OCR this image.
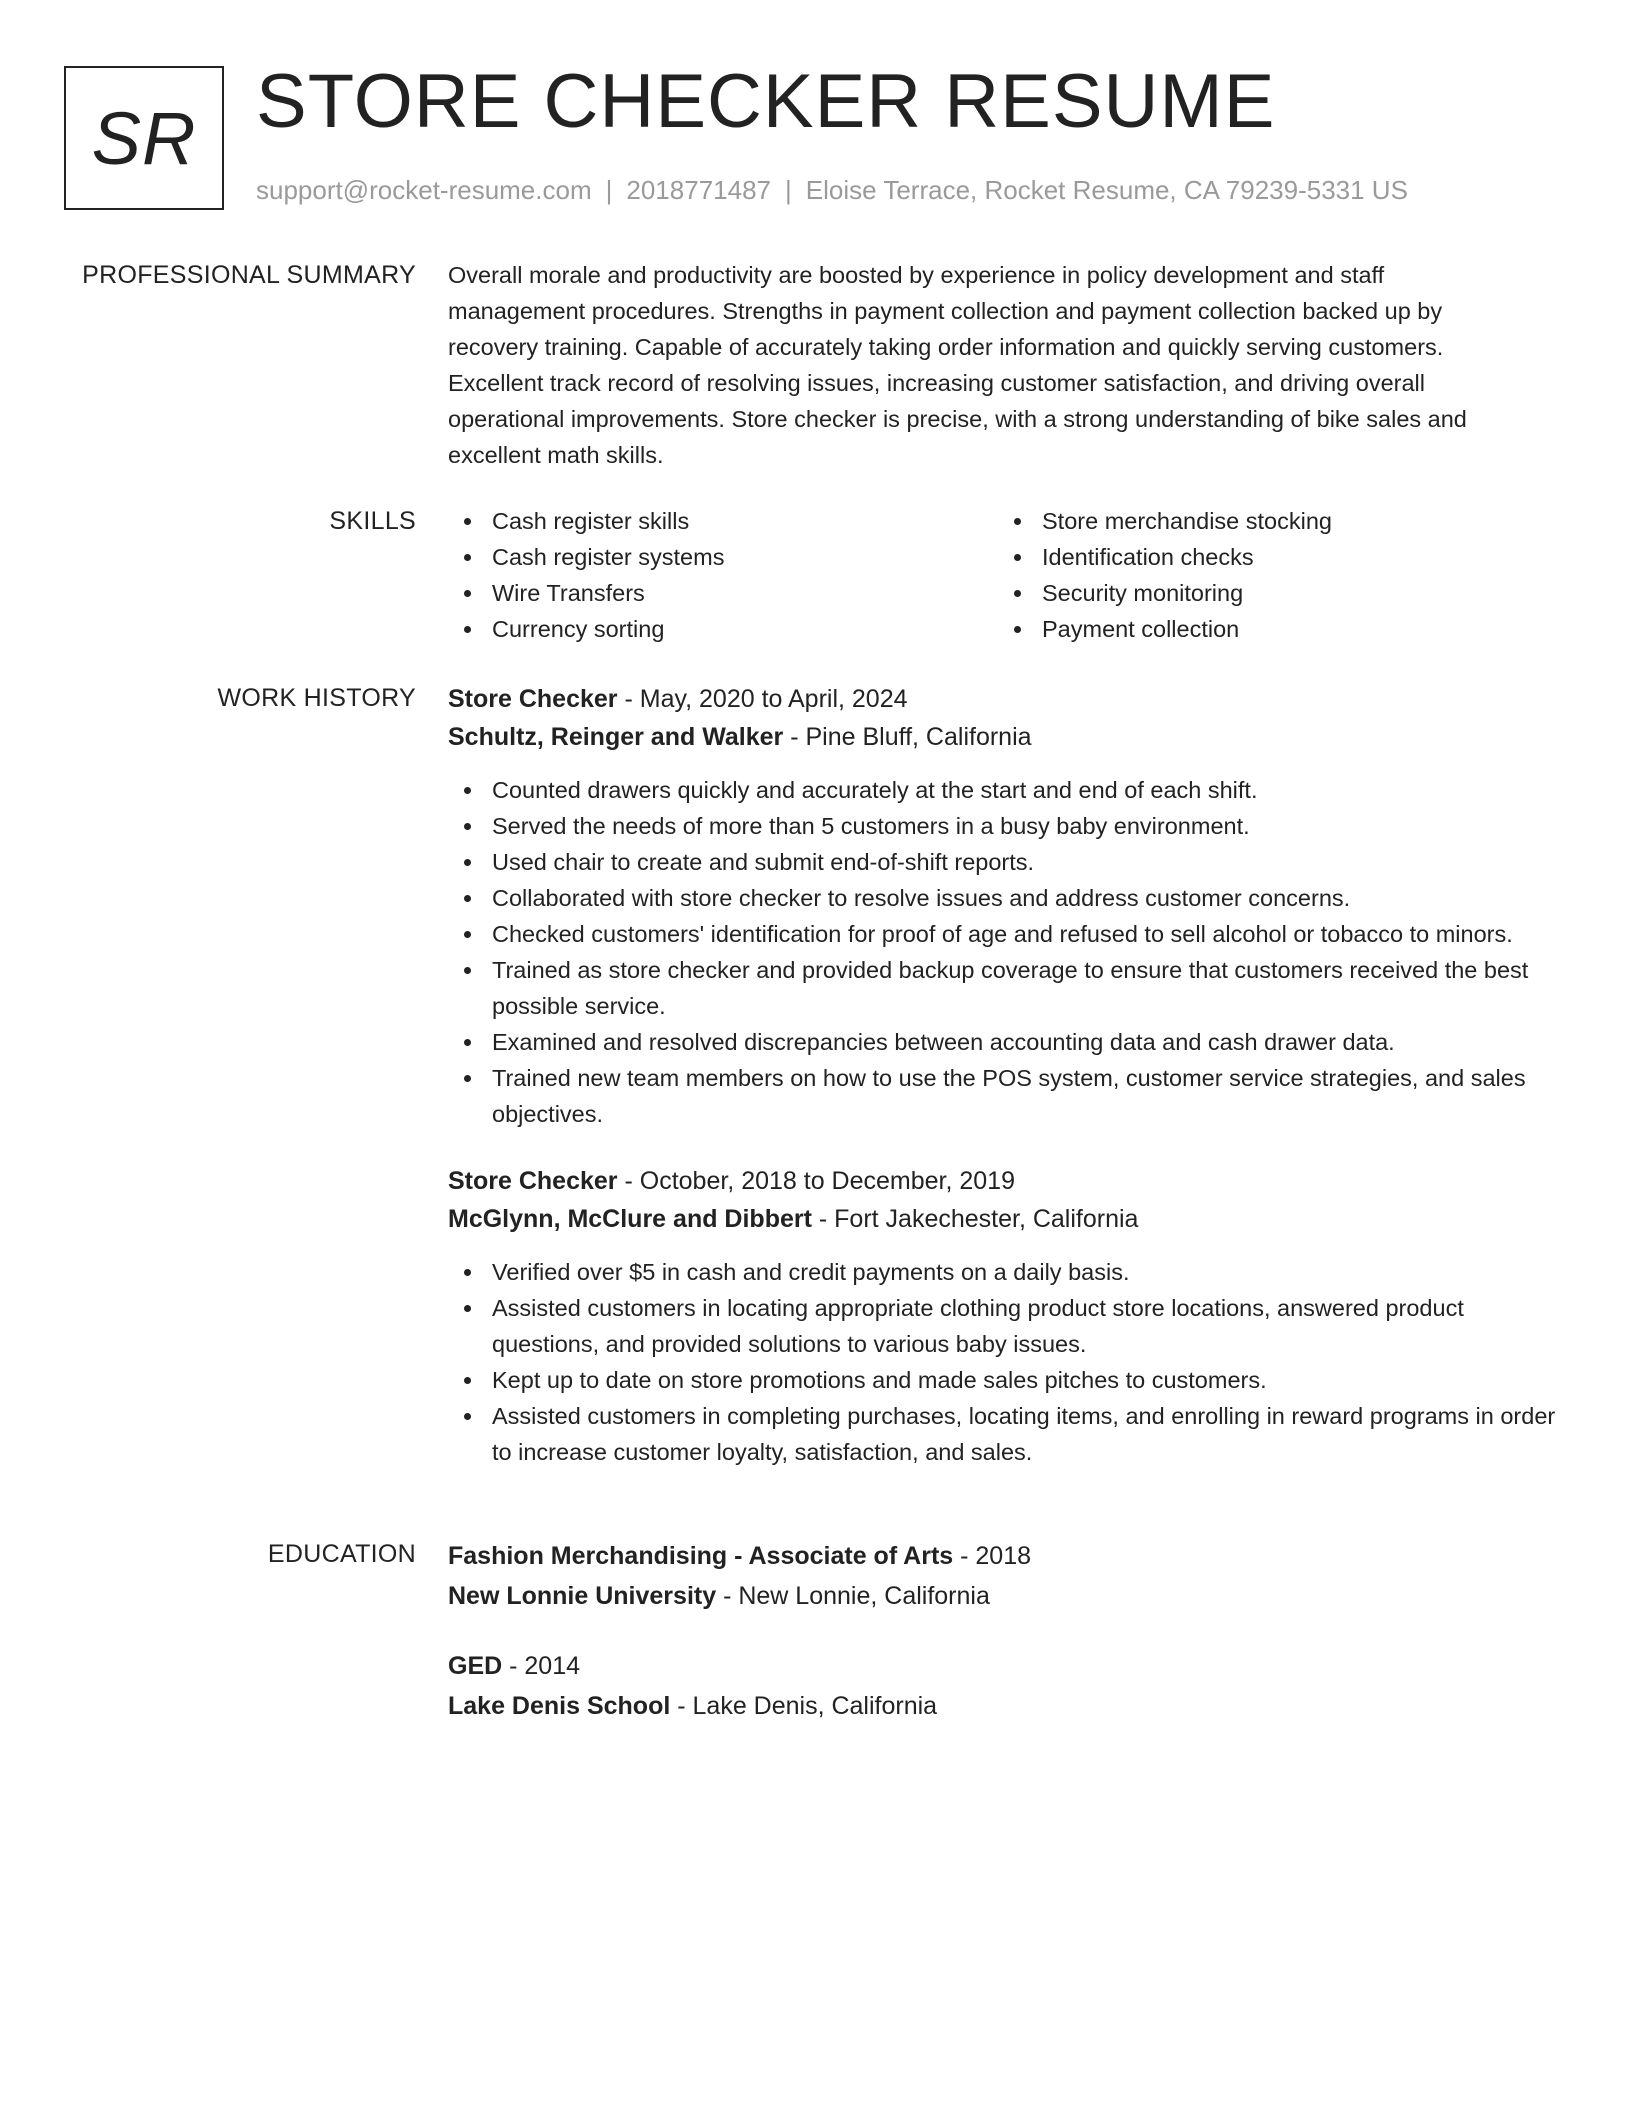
SR STORE CHECKER RESUME
support@rocket-resume.com | 2018771487 | Eloise Terrace, Rocket Resume, CA 79239-5331 US
PROFESSIONAL SUMMARY Overall morale and productivity are boosted by experience in policy development and staff

management procedures. Strengths in payment collection and payment collection backed up by

recovery training. Capable of accurately taking order information and quickly serving customers.

Excellent track record of resolving issues, increasing customer satisfaction, and driving overall

operational improvements. Store checker is precise, with a strong understanding of bike sales and

excellent math skills.

SKILLS	Cash register skills
Cash register systems
Wire Transfers
Currency sorting
Store merchandise stocking
Identification checks
Security monitoring
Payment collection
WORK HISTORY Store Checker - May, 2020 to April, 2024
Schultz, Reinger and Walker - Pine Bluff, California
Counted drawers quickly and accurately at the start and end of each shift.
Served the needs of more than 5 customers in a busy baby environment.
Used chair to create and submit end-of-shift reports.
Collaborated with store checker to resolve issues and address customer concerns.
Checked customers' identification for proof of age and refused to sell alcohol or tobacco to minors.
Trained as store checker and provided backup coverage to ensure that customers received the best possible service.
Examined and resolved discrepancies between accounting data and cash drawer data.
Trained new team members on how to use the POS system, customer service strategies, and sales objectives.
Store Checker - October, 2018 to December, 2019
McGlynn, McClure and Dibbert - Fort Jakechester, California
Verified over $5 in cash and credit payments on a daily basis.
Assisted customers in locating appropriate clothing product store locations, answered product questions, and provided solutions to various baby issues.
Kept up to date on store promotions and made sales pitches to customers.
Assisted customers in completing purchases, locating items, and enrolling in reward programs in order to increase customer loyalty, satisfaction, and sales.
EDUCATION Fashion Merchandising - Associate of Arts - 2018
New Lonnie University - New Lonnie, California
GED - 2014
Lake Denis School - Lake Denis, California
